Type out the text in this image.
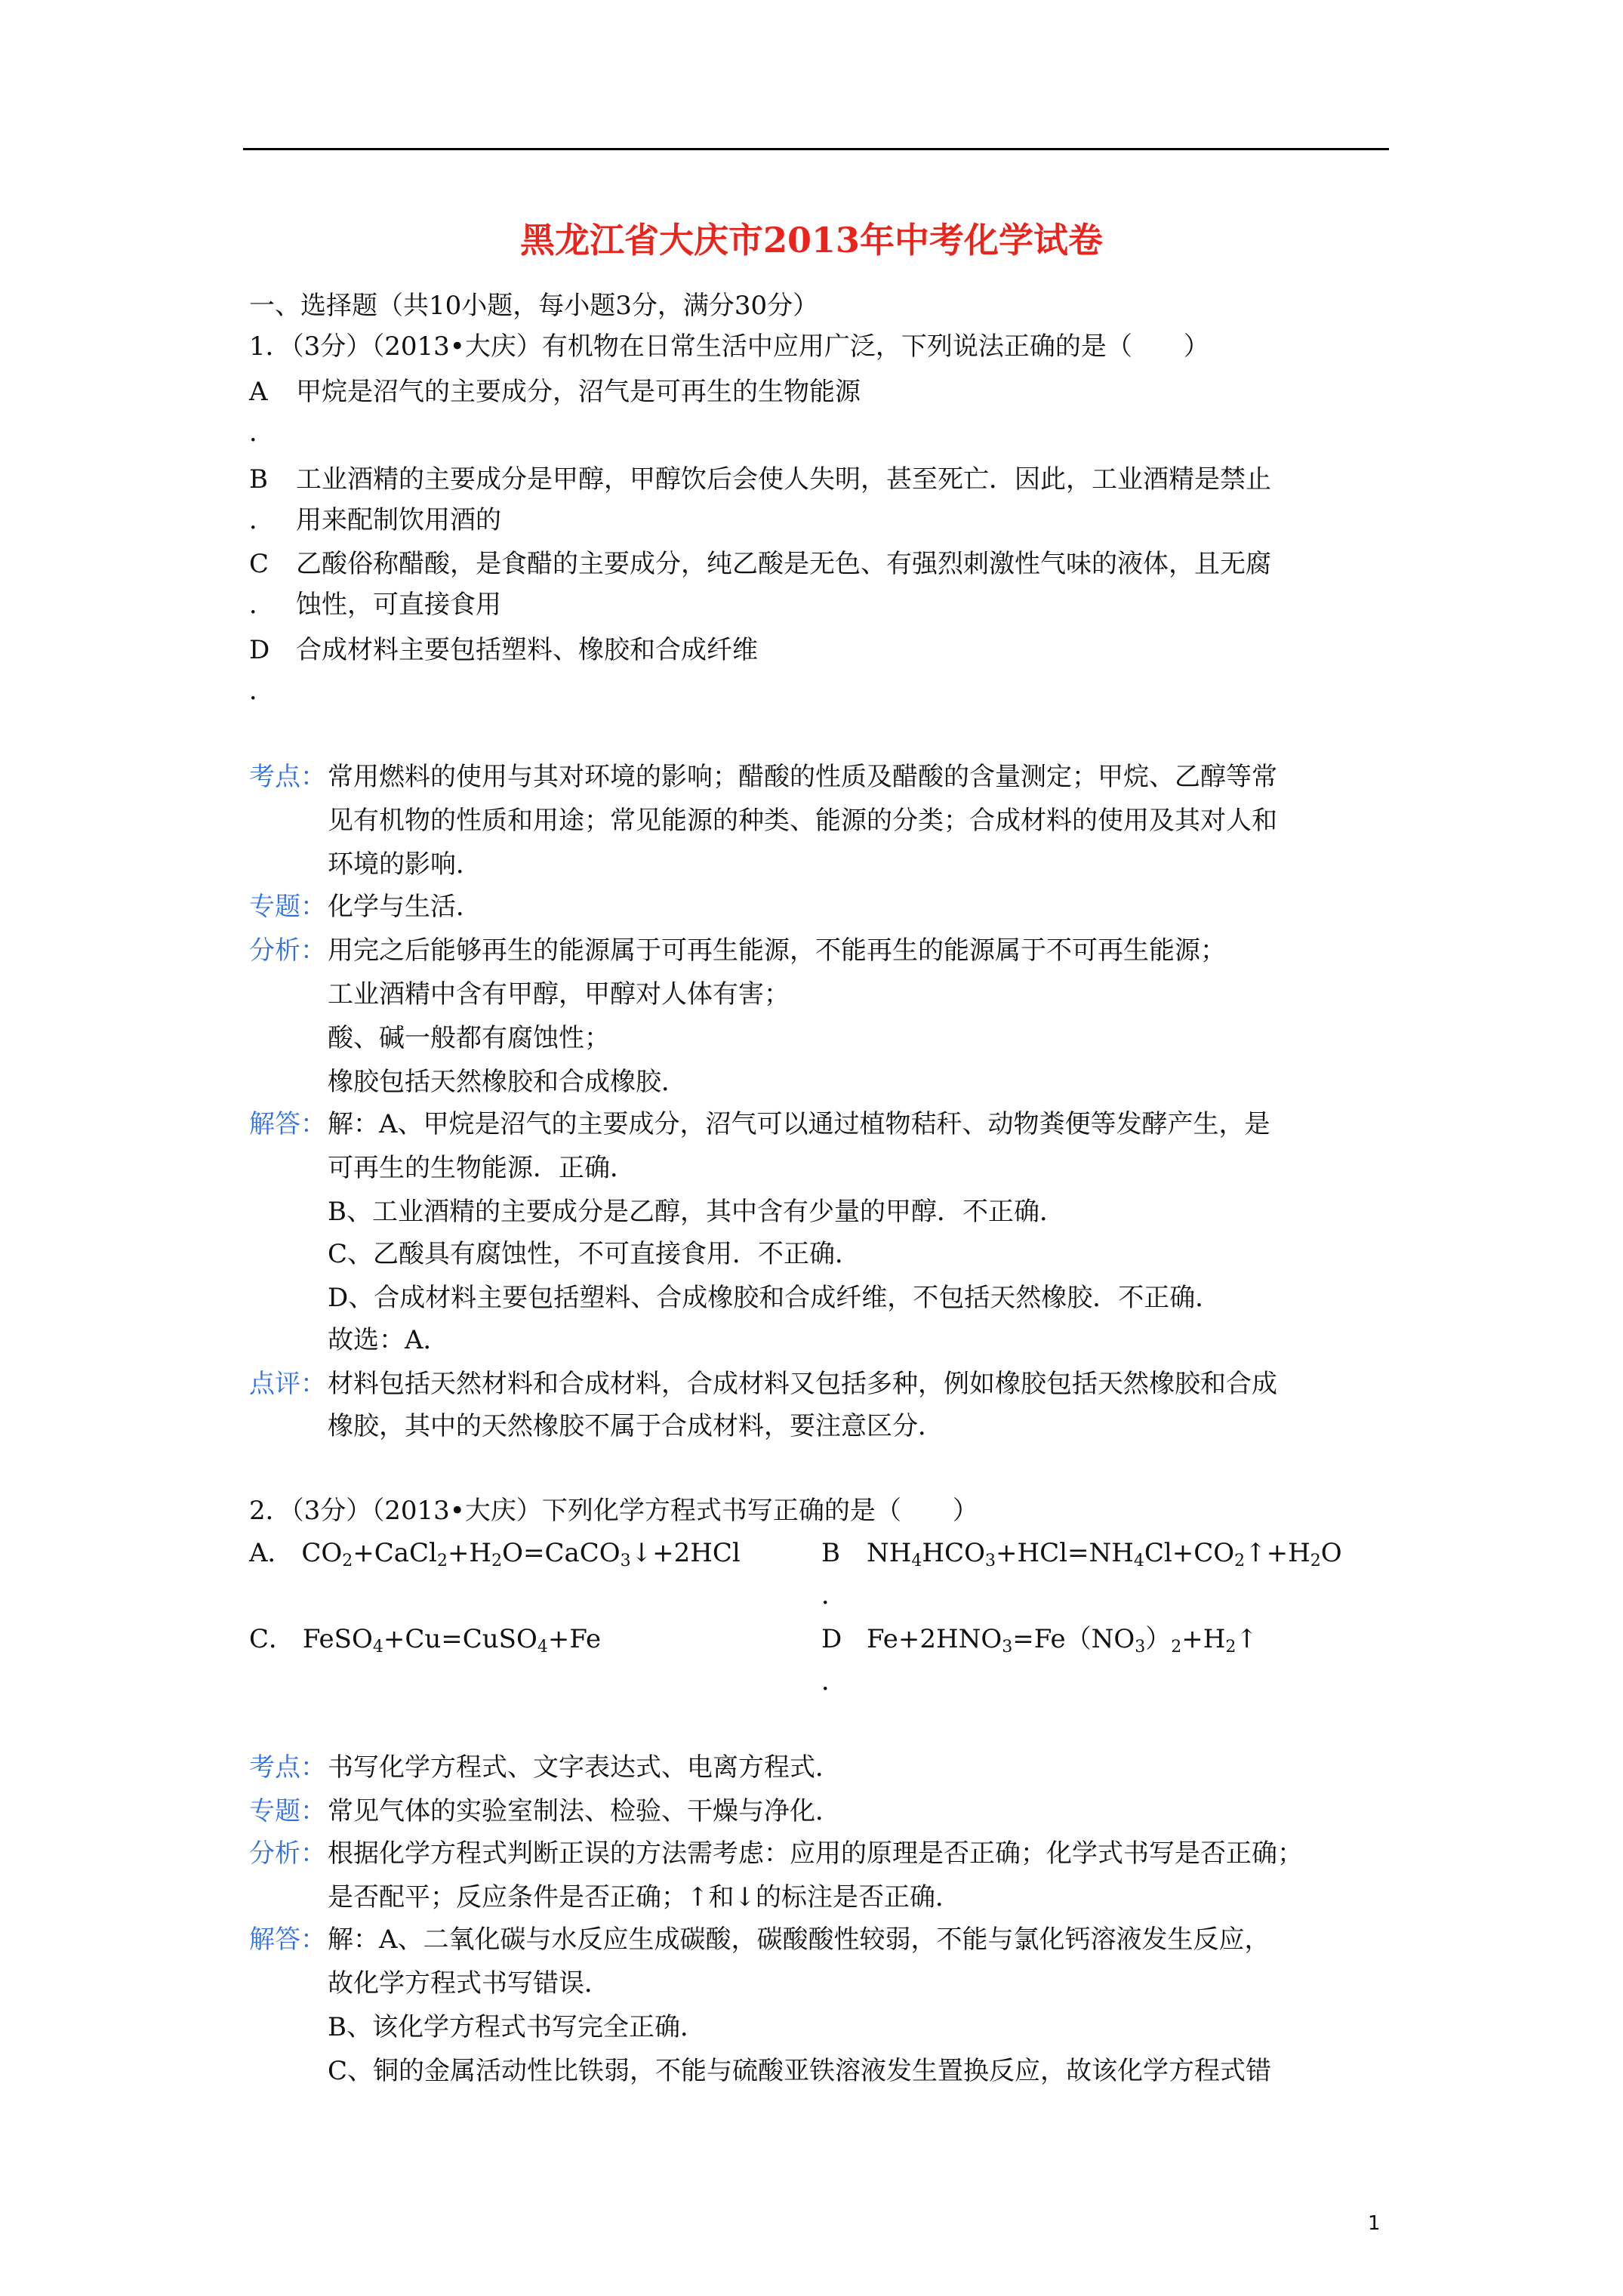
黑龙江省大庆市2013年中考化学试卷
一、选择题（共10小题，每小题3分，满分30分）
1．（3分）（2013•大庆）有机物在日常生活中应用广泛，下列说法正确的是（　　）
A 甲烷是沼气的主要成分，沼气是可再生的生物能源
．
B 工业酒精的主要成分是甲醇，甲醇饮后会使人失明，甚至死亡．因此，工业酒精是禁止
． 用来配制饮用酒的
C 乙酸俗称醋酸，是食醋的主要成分，纯乙酸是无色、有强烈刺激性气味的液体，且无腐
． 蚀性，可直接食用
D 合成材料主要包括塑料、橡胶和合成纤维
．
考点： 常用燃料的使用与其对环境的影响；醋酸的性质及醋酸的含量测定；甲烷、乙醇等常
见有机物的性质和用途；常见能源的种类、能源的分类；合成材料的使用及其对人和
环境的影响．
专题： 化学与生活．
分析： 用完之后能够再生的能源属于可再生能源，不能再生的能源属于不可再生能源；
工业酒精中含有甲醇，甲醇对人体有害；
酸、碱一般都有腐蚀性；
橡胶包括天然橡胶和合成橡胶．
解答： 解：A、甲烷是沼气的主要成分，沼气可以通过植物秸秆、动物粪便等发酵产生，是
可再生的生物能源．正确．
B、工业酒精的主要成分是乙醇，其中含有少量的甲醇．不正确．
C、乙酸具有腐蚀性，不可直接食用．不正确．
D、合成材料主要包括塑料、合成橡胶和合成纤维，不包括天然橡胶．不正确．
故选：A．
点评： 材料包括天然材料和合成材料，合成材料又包括多种，例如橡胶包括天然橡胶和合成
橡胶，其中的天然橡胶不属于合成材料，要注意区分．
2．（3分）（2013•大庆）下列化学方程式书写正确的是（　　）
A． $CO_2+CaCl_2+H_2O=CaCO_3↓+2HCl$	B $NH_4HCO_3+HCl=NH_4Cl+CO_2↑+H_2O$
．
C． FeSO$_4$+Cu=CuSO$_4$+Fe	D $Fe+2HNO_3=Fe(NO_3)_2+H_2↑$
．
考点： 书写化学方程式、文字表达式、电离方程式．
专题： 常见气体的实验室制法、检验、干燥与净化．
分析： 根据化学方程式判断正误的方法需考虑：应用的原理是否正确；化学式书写是否正确；
是否配平；反应条件是否正确；↑和↓的标注是否正确．
解答： 解：A、二氧化碳与水反应生成碳酸，碳酸酸性较弱，不能与氯化钙溶液发生反应，
故化学方程式书写错误．
B、该化学方程式书写完全正确．
C、铜的金属活动性比铁弱，不能与硫酸亚铁溶液发生置换反应，故该化学方程式错
1
